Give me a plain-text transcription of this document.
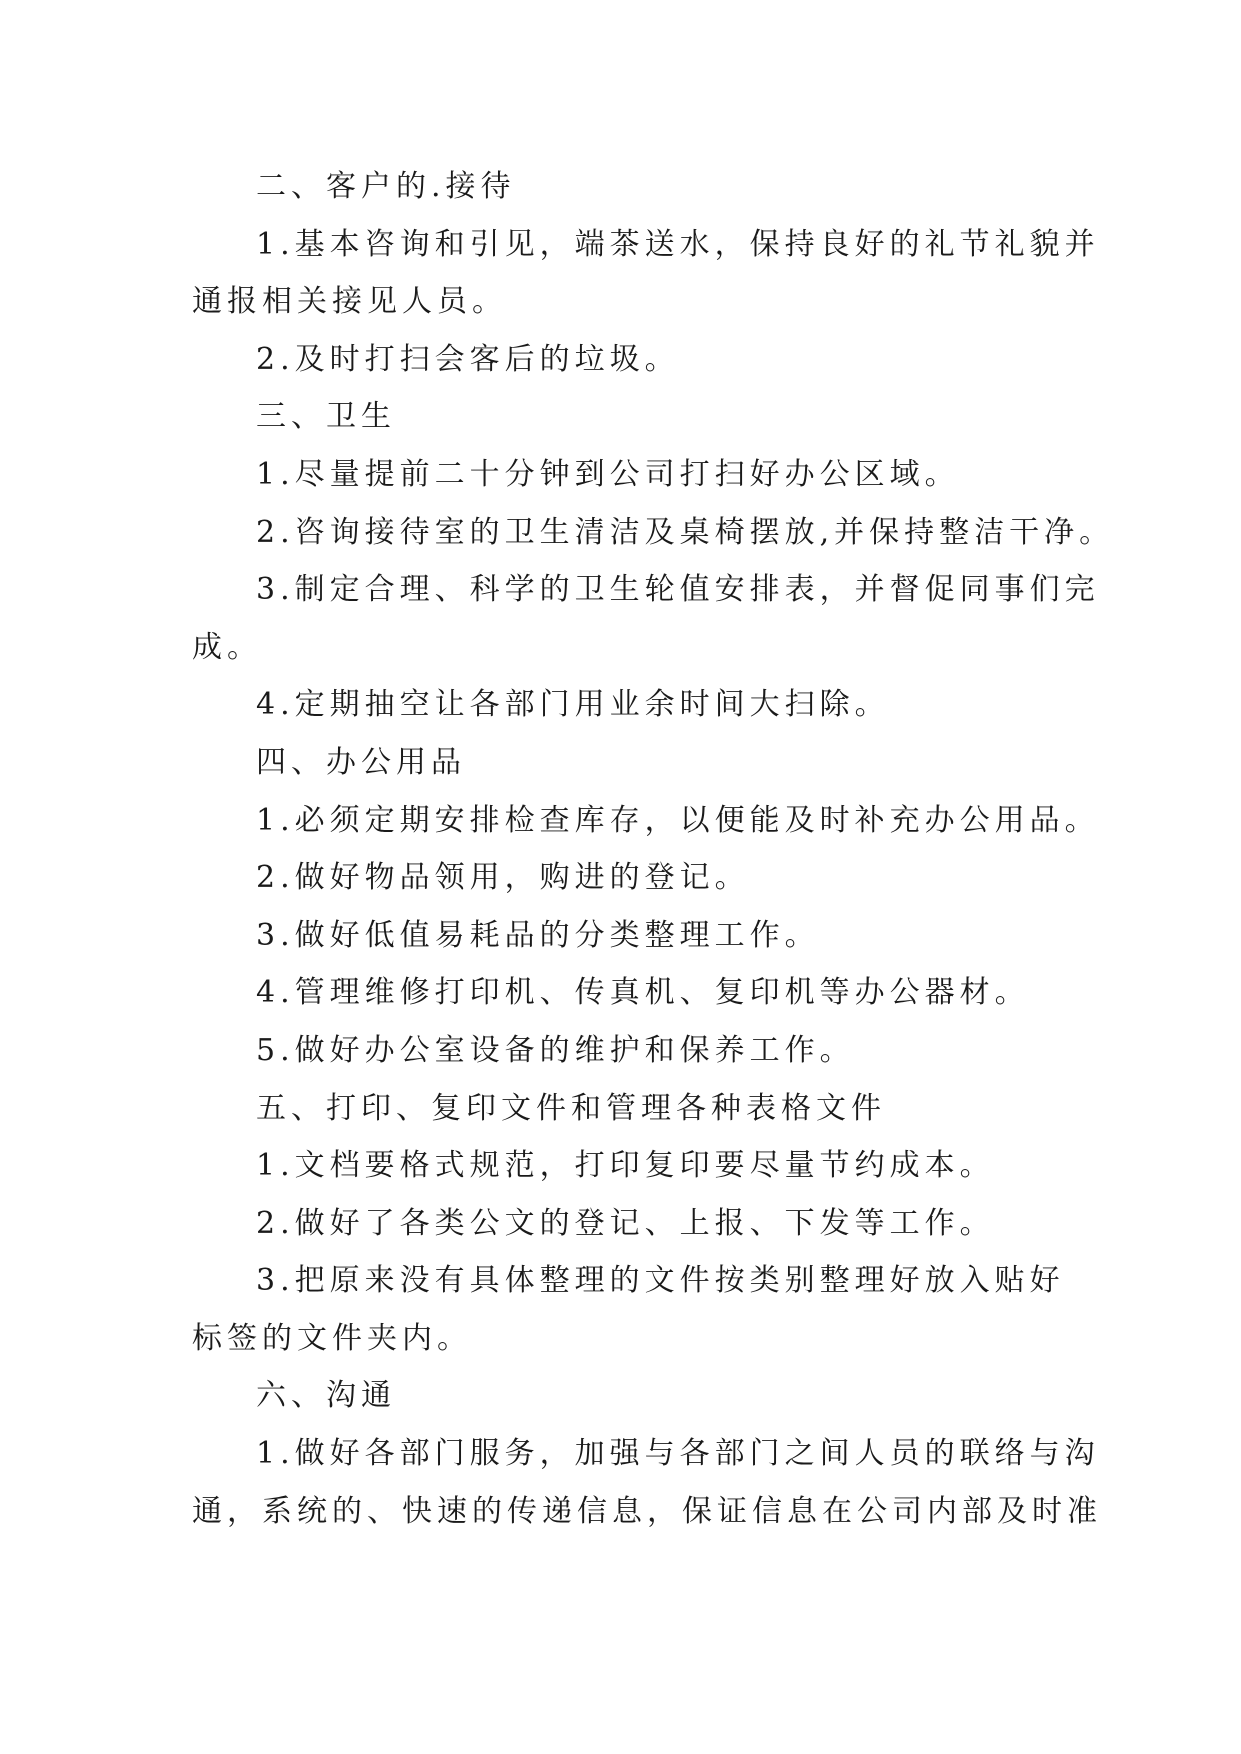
二、客户的.接待
1.基本咨询和引见，端茶送水，保持良好的礼节礼貌并
通报相关接见人员。
2.及时打扫会客后的垃圾。
三、卫生
1.尽量提前二十分钟到公司打扫好办公区域。
2.咨询接待室的卫生清洁及桌椅摆放,并保持整洁干净。
3.制定合理、科学的卫生轮值安排表，并督促同事们完
成。
4.定期抽空让各部门用业余时间大扫除。
四、办公用品
1.必须定期安排检查库存，以便能及时补充办公用品。
2.做好物品领用，购进的登记。
3.做好低值易耗品的分类整理工作。
4.管理维修打印机、传真机、复印机等办公器材。
5.做好办公室设备的维护和保养工作。
五、打印、复印文件和管理各种表格文件
1.文档要格式规范，打印复印要尽量节约成本。
2.做好了各类公文的登记、上报、下发等工作。
3.把原来没有具体整理的文件按类别整理好放入贴好
标签的文件夹内。
六、沟通
1.做好各部门服务，加强与各部门之间人员的联络与沟
通，系统的、快速的传递信息，保证信息在公司内部及时准
